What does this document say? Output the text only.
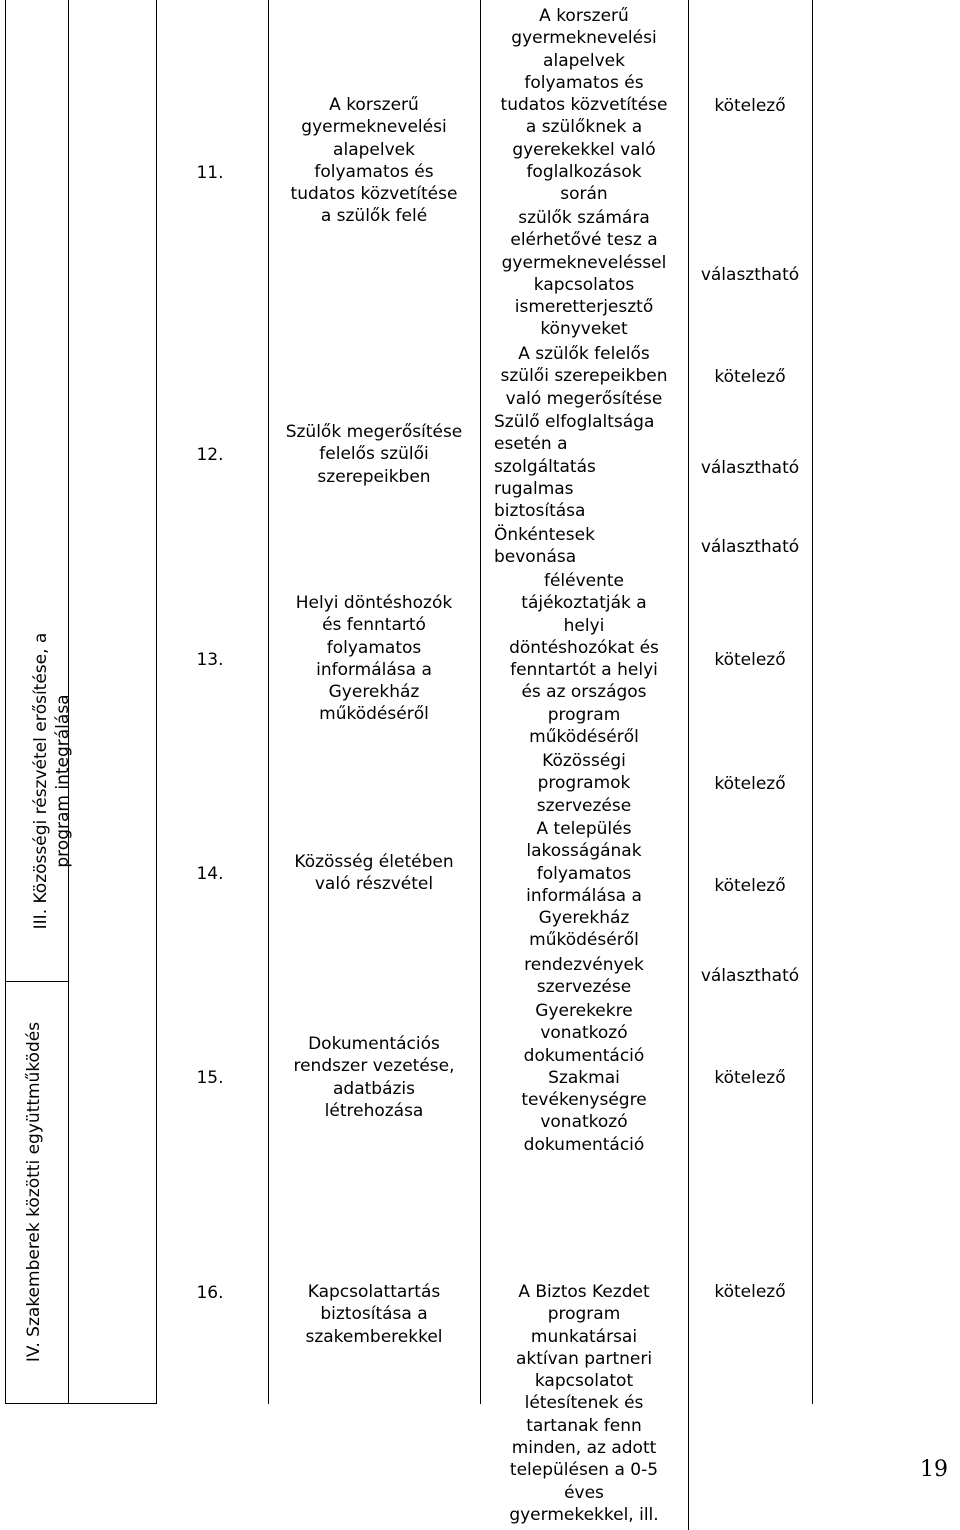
III. Közösségi részvétel erősítése, a
program integrálása
IV. Szakemberek közötti együttműködés
11.
12.
13.
14.
15.
16.
A korszerű
gyermeknevelési
alapelvek
folyamatos és
tudatos közvetítése
a szülők felé
Szülők megerősítése
felelős szülői
szerepeikben
Helyi döntéshozók
és fenntartó
folyamatos
informálása a
Gyerekház
működéséről
Közösség életében
való részvétel
Dokumentációs
rendszer vezetése,
adatbázis
létrehozása
Kapcsolattartás
biztosítása a
szakemberekkel
A korszerű
gyermeknevelési
alapelvek
folyamatos és
tudatos közvetítése
a szülőknek a
gyerekekkel való
foglalkozások
során
szülők számára
elérhetővé tesz a
gyermekneveléssel
kapcsolatos
ismeretterjesztő
könyveket
A szülők felelős
szülői szerepeikben
való megerősítése
Szülő elfoglaltsága
esetén a
szolgáltatás
rugalmas
biztosítása
Önkéntesek
bevonása
félévente
tájékoztatják a
helyi
döntéshozókat és
fenntartót a helyi
és az országos
program
működéséről
Közösségi
programok
szervezése
A település
lakosságának
folyamatos
informálása a
Gyerekház
működéséről
rendezvények
szervezése
Gyerekekre
vonatkozó
dokumentáció
Szakmai
tevékenységre
vonatkozó
dokumentáció
A Biztos Kezdet
program
munkatársai
aktívan partneri
kapcsolatot
létesítenek és
tartanak fenn
minden, az adott
településen a 0-5
éves
gyermekekkel, ill.
kötelező
választható
kötelező
választható
választható
kötelező
kötelező
kötelező
választható
kötelező
kötelező
19
